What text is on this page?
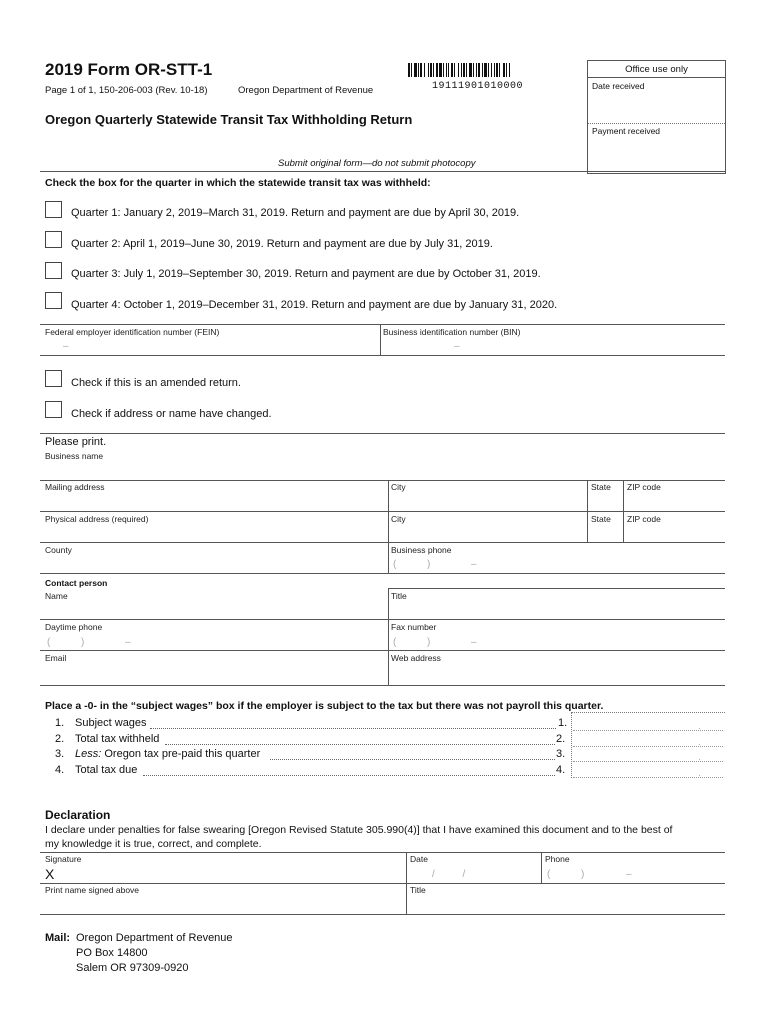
2019 Form OR-STT-1
Page 1 of 1, 150-206-003 (Rev. 10-18)	Oregon Department of Revenue	19111901010000
Oregon Quarterly Statewide Transit Tax Withholding Return
Office use only
Date received
Payment received
Submit original form—do not submit photocopy
Check the box for the quarter in which the statewide transit tax was withheld:
Quarter 1: January 2, 2019–March 31, 2019. Return and payment are due by April 30, 2019.
Quarter 2: April 1, 2019–June 30, 2019. Return and payment are due by July 31, 2019.
Quarter 3: July 1, 2019–September 30, 2019. Return and payment are due by October 31, 2019.
Quarter 4: October 1, 2019–December 31, 2019. Return and payment are due by January 31, 2020.
Federal employer identification number (FEIN)
–
Business identification number (BIN)
–
Check if this is an amended return.
Check if address or name have changed.
Please print.
Business name
Mailing address	City	State ZIP code
Physical address (required)	City	State ZIP code
County	Business phone
(	)	–
Contact person
Name	Title
Daytime phone
(	)	–
Fax number
(	)	–
Email	Web address
Place a -0- in the “subject wages” box if the employer is subject to the tax but there was not payroll this quarter.
1. Subject wages	1.
.
2. Total tax withheld	2.
.
3. Less: Oregon tax pre-paid this quarter	3.
.
4. Total tax due	4.
.
Declaration
I declare under penalties for false swearing [Oregon Revised Statute 305.990(4)] that I have examined this document and to the best of
my knowledge it is true, correct, and complete.
Signature
X
Date
/          /
Phone
(	)	–
Print name signed above	Title
Mail: Oregon Department of Revenue
PO Box 14800
Salem OR 97309-0920
